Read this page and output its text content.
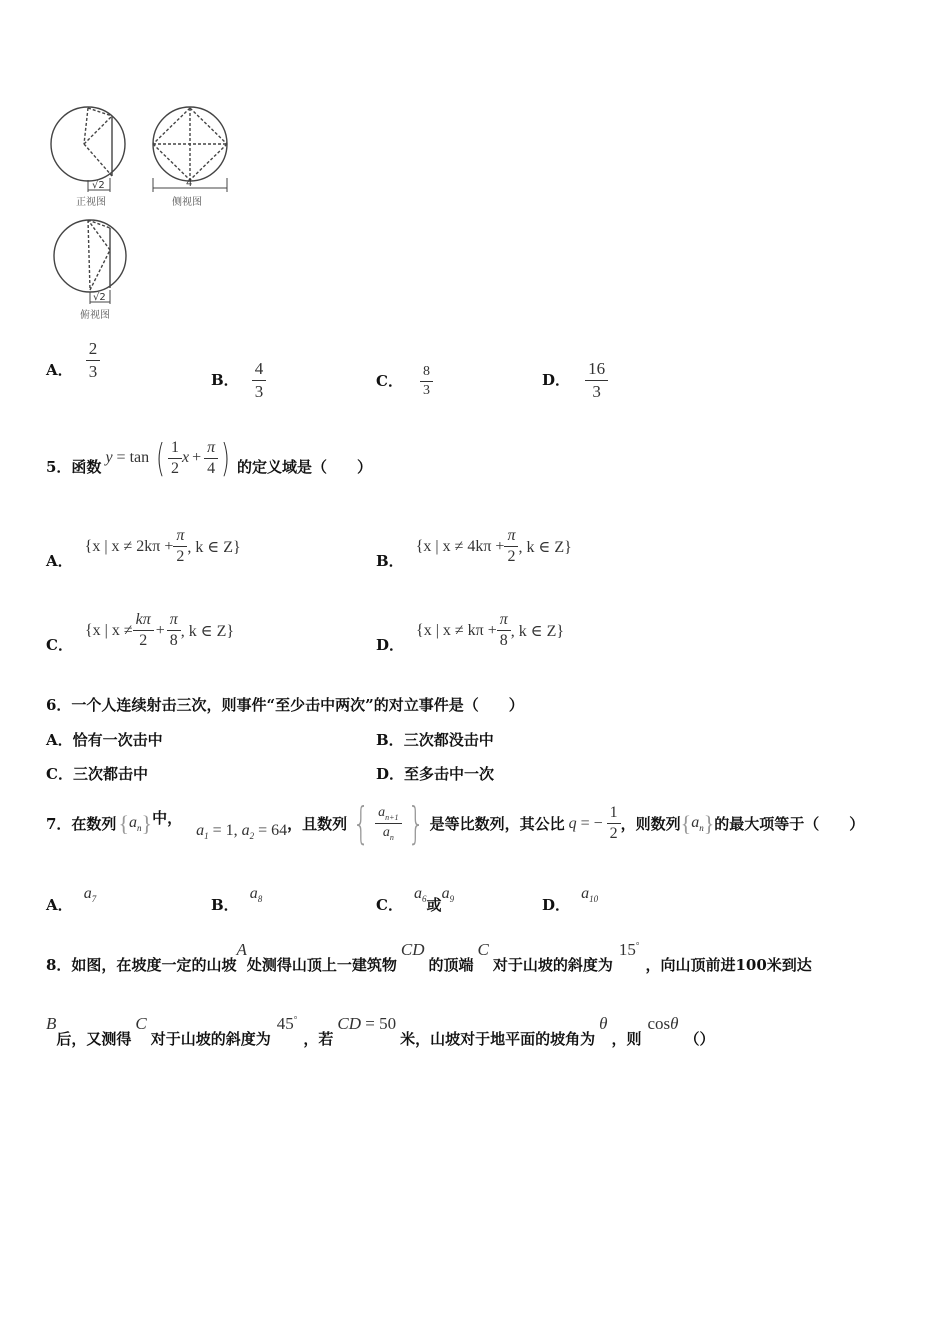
√2	4
√2
正视图	侧视图
俯视图
A． $\frac{2}{3}$	B． $\frac{4}{3}$	C． $\frac{8}{3}$	D． $\frac{16}{3}$
5．函数 y = tan ( $\frac{1}{2}$ $x + \frac{\pi}{4}$ ) 的定义域是（　　）
A．
{x | $x \ne 2k\pi + \frac{\pi}{2}$ , k ∈ Z}
B．
{x | $x \ne 4k\pi + \frac{\pi}{2}$ , k ∈ Z}
C．
{x | $x \ne \frac{k\pi}{2} + \frac{\pi}{8}$ , k ∈ Z}
D．
{x | $x \ne k\pi + \frac{\pi}{8}$ , k ∈ Z}
6．一个人连续射击三次，则事件“至少击中两次”的对立事件是（　　）
A．恰有一次击中	B．三次都没击中
C．三次都击中	D．至多击中一次
7．在数列 { $a_n$ } 中，
$a_1 = 1$, $a_2 = 64$ ，且数列 { $\frac{a_{n+1}}{a_n}$ } 是等比数列，其公比 q = − $\frac{1}{2}$ ，则数列 { $a_n$ } 的最大项等于（　　）
A． $a_7$	B． $a_8$	C． $a_6$或$a_9$	D． $a_{10}$
8．如图，在坡度一定的山坡
A
处测得山顶上一建筑物
CD
的顶端
C
对于山坡的斜度为
15°
，向山顶前进100米到达
B
后，又测得
C
对于山坡的斜度为
45°
，若
CD = 50
米，山坡对于地平面的坡角为
θ
，则
cosθ
（）
